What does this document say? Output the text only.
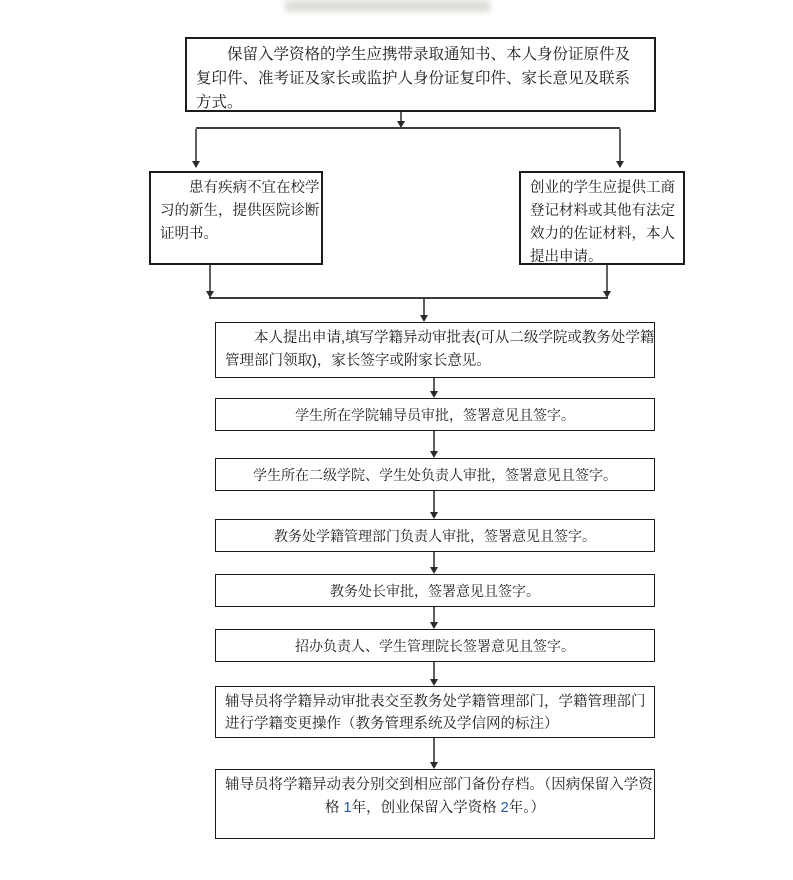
保留入学资格的学生应携带录取通知书、本人身份证原件及
复印件、准考证及家长或监护人身份证复印件、家长意见及联系
方式。
患有疾病不宜在校学
习的新生，提供医院诊断
证明书。
创业的学生应提供工商
登记材料或其他有法定
效力的佐证材料，本人
提出申请。
本人提出申请,填写学籍异动审批表(可从二级学院或教务处学籍
管理部门领取)，家长签字或附家长意见。
学生所在学院辅导员审批，签署意见且签字。
学生所在二级学院、学生处负责人审批，签署意见且签字。
教务处学籍管理部门负责人审批，签署意见且签字。
教务处长审批，签署意见且签字。
招办负责人、学生管理院长签署意见且签字。
辅导员将学籍异动审批表交至教务处学籍管理部门，学籍管理部门
进行学籍变更操作（教务管理系统及学信网的标注）
辅导员将学籍异动表分别交到相应部门备份存档。（因病保留入学资
格 1年，创业保留入学资格 2年。）
